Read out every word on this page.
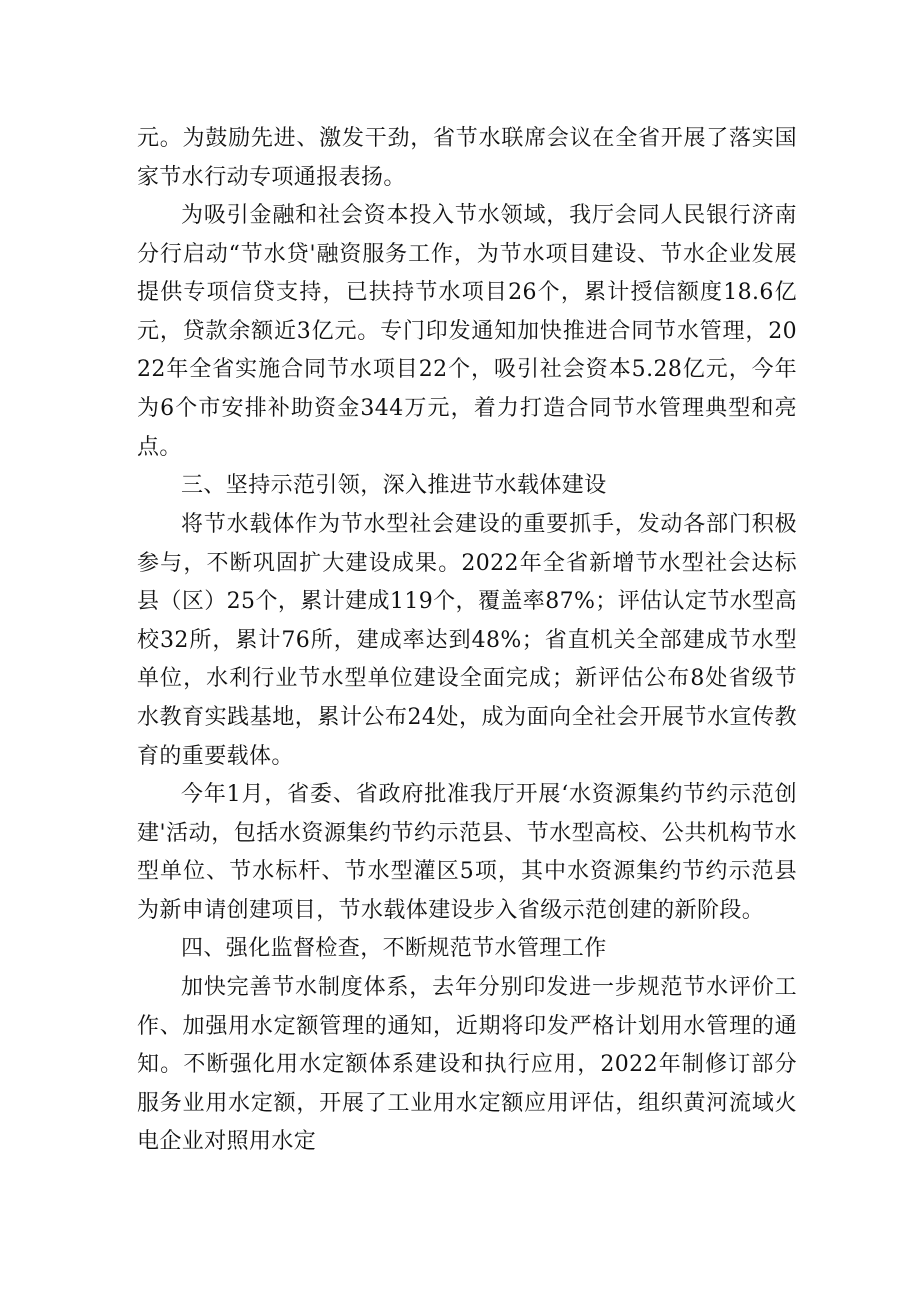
元。为鼓励先进、激发干劲，省节水联席会议在全省开展了落实国家节水行动专项通报表扬。

为吸引金融和社会资本投入节水领域，我厅会同人民银行济南分行启动“节水贷'融资服务工作，为节水项目建设、节水企业发展提供专项信贷支持，已扶持节水项目26个，累计授信额度18.6亿元，贷款余额近3亿元。专门印发通知加快推进合同节水管理，2022年全省实施合同节水项目22个，吸引社会资本5.28亿元，今年为6个市安排补助资金344万元，着力打造合同节水管理典型和亮点。

三、坚持示范引领，深入推进节水载体建设

将节水载体作为节水型社会建设的重要抓手，发动各部门积极参与，不断巩固扩大建设成果。2022年全省新增节水型社会达标县（区）25个，累计建成119个，覆盖率87%；评估认定节水型高校32所，累计76所，建成率达到48%；省直机关全部建成节水型单位，水利行业节水型单位建设全面完成；新评估公布8处省级节水教育实践基地，累计公布24处，成为面向全社会开展节水宣传教育的重要载体。

今年1月，省委、省政府批准我厅开展‘水资源集约节约示范创建'活动，包括水资源集约节约示范县、节水型高校、公共机构节水型单位、节水标杆、节水型灌区5项，其中水资源集约节约示范县为新申请创建项目，节水载体建设步入省级示范创建的新阶段。

四、强化监督检查，不断规范节水管理工作

加快完善节水制度体系，去年分别印发进一步规范节水评价工作、加强用水定额管理的通知，近期将印发严格计划用水管理的通知。不断强化用水定额体系建设和执行应用，2022年制修订部分服务业用水定额，开展了工业用水定额应用评估，组织黄河流域火电企业对照用水定
